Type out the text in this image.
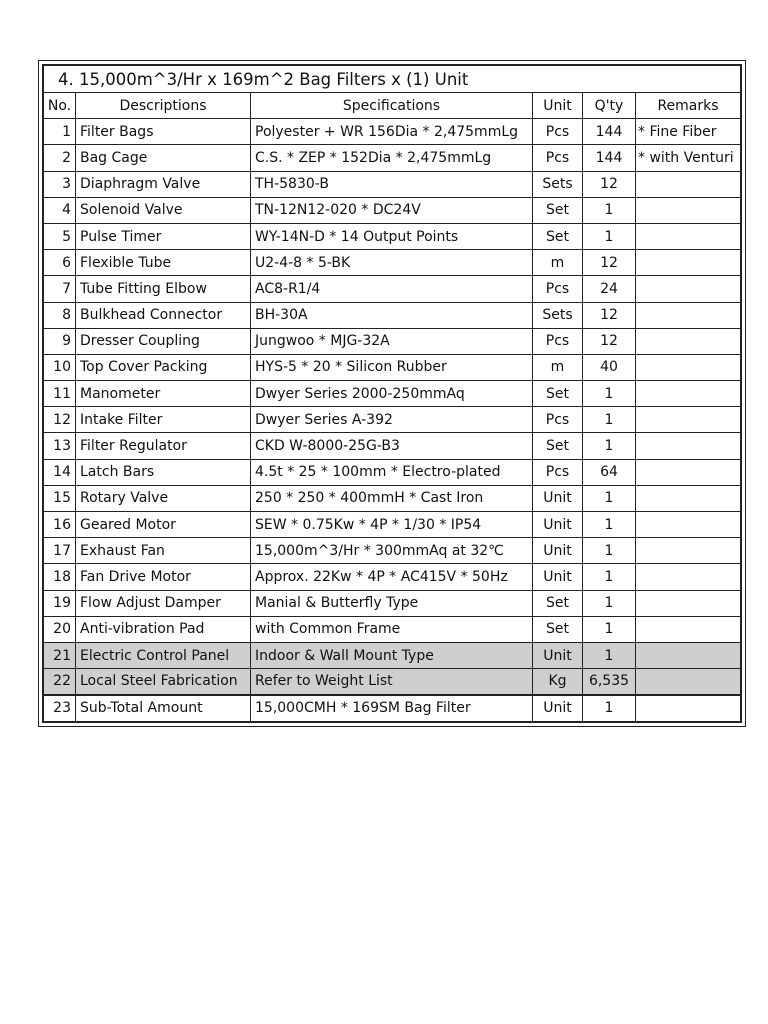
4. 15,000m^3/Hr x 169m^2 Bag Filters x (1) Unit					
No.	Descriptions	Specifications	Unit	Q'ty	Remarks
1	Filter Bags	Polyester + WR 156Dia * 2,475mmLg	Pcs	144	* Fine Fiber
2	Bag Cage	C.S. * ZEP * 152Dia * 2,475mmLg	Pcs	144	* with Venturi
3	Diaphragm Valve	TH-5830-B	Sets	12	
4	Solenoid Valve	TN-12N12-020 * DC24V	Set	1	
5	Pulse Timer	WY-14N-D * 14 Output Points	Set	1	
6	Flexible Tube	U2-4-8 * 5-BK	m	12	
7	Tube Fitting Elbow	AC8-R1/4	Pcs	24	
8	Bulkhead Connector	BH-30A	Sets	12	
9	Dresser Coupling	Jungwoo * MJG-32A	Pcs	12	
10	Top Cover Packing	HYS-5 * 20 * Silicon Rubber	m	40	
11	Manometer	Dwyer Series 2000-250mmAq	Set	1	
12	Intake Filter	Dwyer Series A-392	Pcs	1	
13	Filter Regulator	CKD W-8000-25G-B3	Set	1	
14	Latch Bars	4.5t * 25 * 100mm * Electro-plated	Pcs	64	
15	Rotary Valve	250 * 250 * 400mmH * Cast Iron	Unit	1	
16	Geared Motor	SEW * 0.75Kw * 4P * 1/30 * IP54	Unit	1	
17	Exhaust Fan	15,000m^3/Hr * 300mmAq at 32℃	Unit	1	
18	Fan Drive Motor	Approx. 22Kw * 4P * AC415V * 50Hz	Unit	1	
19	Flow Adjust Damper	Manial & Butterfly Type	Set	1	
20	Anti-vibration Pad	with Common Frame	Set	1	
21	Electric Control Panel	Indoor & Wall Mount Type	Unit	1	
22	Local Steel Fabrication	Refer to Weight List	Kg	6,535	
23	Sub-Total Amount	15,000CMH * 169SM Bag Filter	Unit	1	
